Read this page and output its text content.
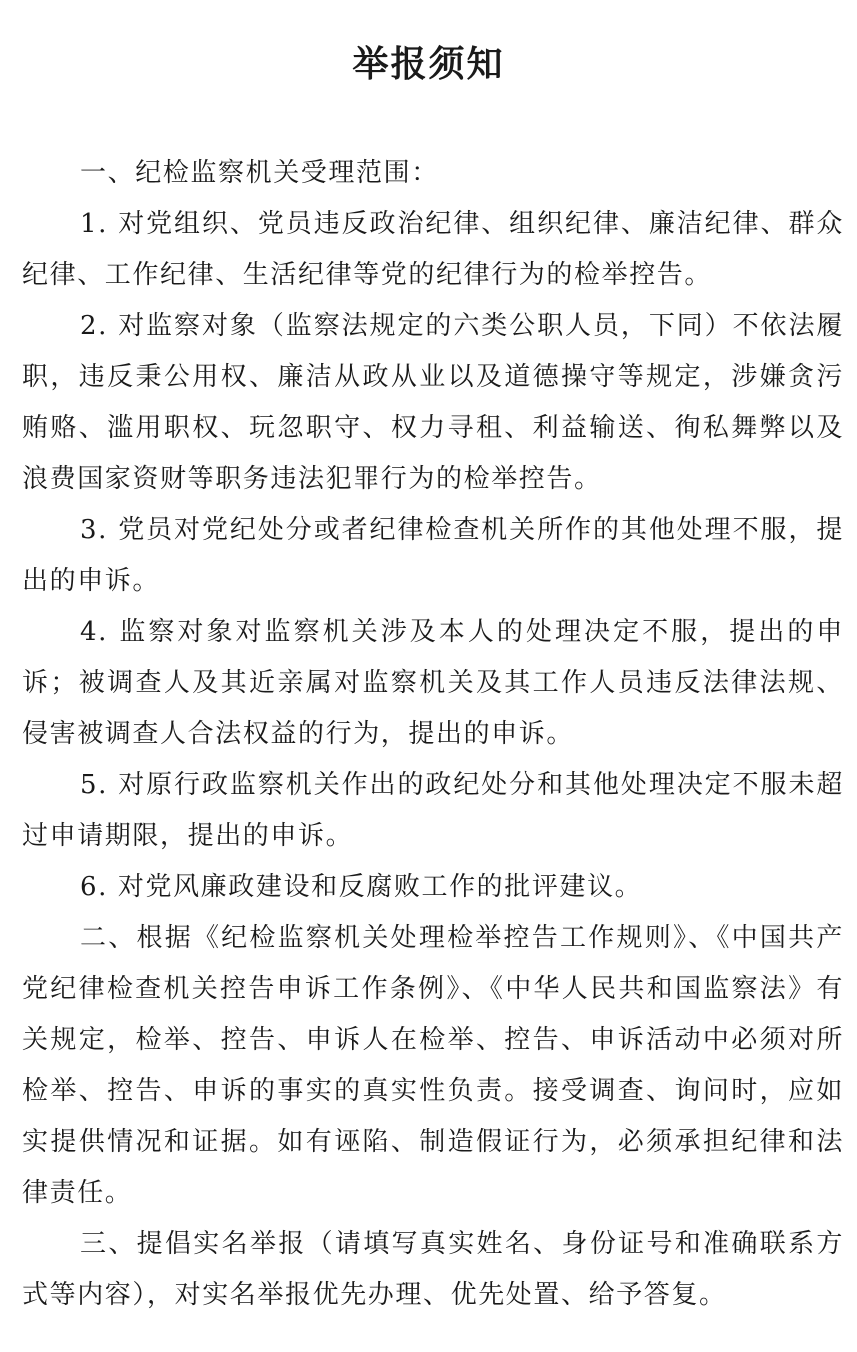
举报须知

一、纪检监察机关受理范围：

1. 对党组织、党员违反政治纪律、组织纪律、廉洁纪律、群众纪律、工作纪律、生活纪律等党的纪律行为的检举控告。

2. 对监察对象（监察法规定的六类公职人员，下同）不依法履职，违反秉公用权、廉洁从政从业以及道德操守等规定，涉嫌贪污贿赂、滥用职权、玩忽职守、权力寻租、利益输送、徇私舞弊以及浪费国家资财等职务违法犯罪行为的检举控告。

3. 党员对党纪处分或者纪律检查机关所作的其他处理不服，提出的申诉。

4. 监察对象对监察机关涉及本人的处理决定不服，提出的申诉；被调查人及其近亲属对监察机关及其工作人员违反法律法规、侵害被调查人合法权益的行为，提出的申诉。

5. 对原行政监察机关作出的政纪处分和其他处理决定不服未超过申请期限，提出的申诉。

6. 对党风廉政建设和反腐败工作的批评建议。

二、根据《纪检监察机关处理检举控告工作规则》、《中国共产党纪律检查机关控告申诉工作条例》、《中华人民共和国监察法》有关规定，检举、控告、申诉人在检举、控告、申诉活动中必须对所检举、控告、申诉的事实的真实性负责。接受调查、询问时，应如实提供情况和证据。如有诬陷、制造假证行为，必须承担纪律和法律责任。

三、提倡实名举报（请填写真实姓名、身份证号和准确联系方式等内容），对实名举报优先办理、优先处置、给予答复。
